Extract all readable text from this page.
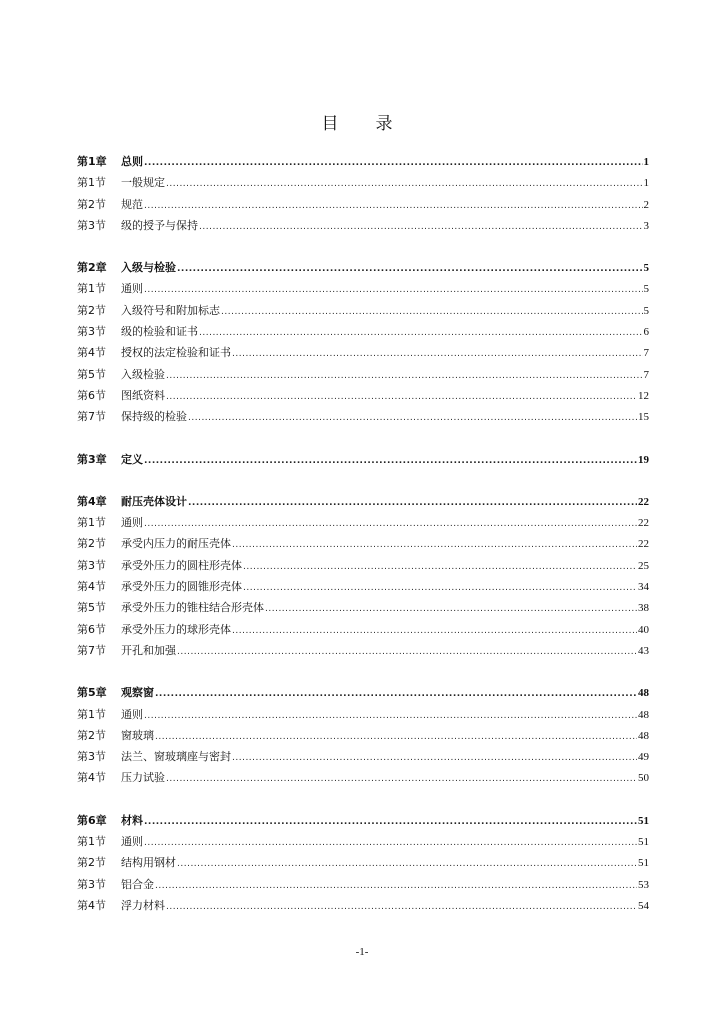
目　录
第1章	总则 .....	1
第1节	一般规定 .....	1
第2节	规范 .....	2
第3节	级的授予与保持 .....	3
第2章	入级与检验 .....	5
第1节	通则 .....	5
第2节	入级符号和附加标志 .....	5
第3节	级的检验和证书 .....	6
第4节	授权的法定检验和证书 .....	7
第5节	入级检验 .....	7
第6节	图纸资料 .....	12
第7节	保持级的检验 .....	15
第3章	定义 .....	19
第4章	耐压壳体设计 .....	22
第1节	通则 .....	22
第2节	承受内压力的耐压壳体 .....	22
第3节	承受外压力的圆柱形壳体 .....	25
第4节	承受外压力的圆锥形壳体 .....	34
第5节	承受外压力的锥柱结合形壳体 .....	38
第6节	承受外压力的球形壳体 .....	40
第7节	开孔和加强 .....	43
第5章	观察窗 .....	48
第1节	通则 .....	48
第2节	窗玻璃 .....	48
第3节	法兰、窗玻璃座与密封 .....	49
第4节	压力试验 .....	50
第6章	材料 .....	51
第1节	通则 .....	51
第2节	结构用钢材 .....	51
第3节	铝合金 .....	53
第4节	浮力材料 .....	54
-1-
